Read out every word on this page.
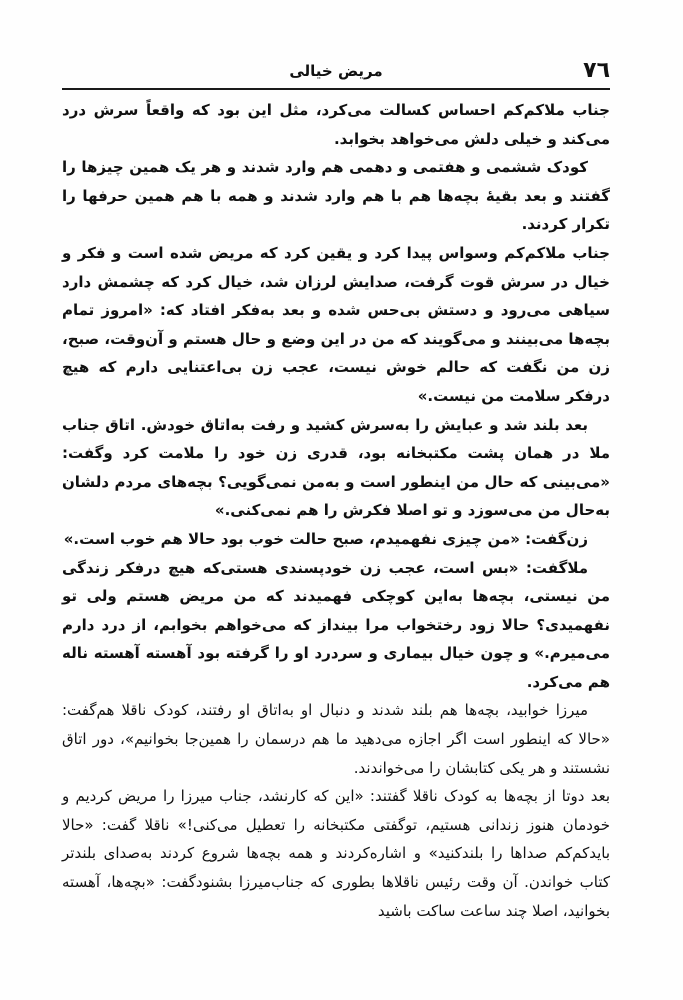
٧٦
مریض خیالی

جناب ملاکم‌کم احساس کسالت می‌کرد، مثل این بود که واقعاً سرش درد می‌کند و خیلی دلش می‌خواهد بخوابد.

کودک ششمی و هفتمی و دهمی هم وارد شدند و هر یک همین چیزها را گفتند و بعد بقیهٔ بچه‌ها هم با هم وارد شدند و همه با هم همین حرفها را تکرار کردند.

جناب ملاکم‌کم وسواس پیدا کرد و یقین کرد که مریض شده است و فکر و خیال در سرش قوت گرفت، صدایش لرزان شد، خیال کرد که چشمش دارد سیاهی می‌رود و دستش بی‌حس شده و بعد به‌فکر افتاد که: «امروز تمام بچه‌ها می‌بینند و می‌گویند که من در این وضع و حال هستم و آن‌وقت، صبح، زن من نگفت که حالم خوش نیست، عجب زن بی‌اعتنایی دارم که هیچ درفکر سلامت من نیست.»

بعد بلند شد و عبایش را به‌سرش کشید و رفت به‌اتاق خودش. اتاق جناب ملا در همان پشت مکتبخانه بود، قدری زن خود را ملامت کرد وگفت: «می‌بینی که حال من اینطور است و به‌من نمی‌گویی؟ بچه‌های مردم دلشان به‌حال من می‌سوزد و تو اصلا فکرش را هم نمی‌کنی.»

زن‌گفت: «من چیزی نفهمیدم، صبح حالت خوب بود حالا هم خوب است.»

ملاگفت: «بس است، عجب زن خودپسندی هستی‌که هیچ درفکر زندگی من نیستی، بچه‌ها به‌این کوچکی فهمیدند که من مریض هستم ولی تو نفهمیدی؟ حالا زود رختخواب مرا بینداز که می‌خواهم بخوابم، از درد دارم می‌میرم.» و چون خیال بیماری و سردرد او را گرفته بود آهسته آهسته ناله هم می‌کرد.

میرزا خوابید، بچه‌ها هم بلند شدند و دنبال او به‌اتاق او رفتند، کودک ناقلا هم‌گفت: «حالا که اینطور است اگر اجازه می‌دهید ما هم درسمان را همین‌جا بخوانیم»، دور اتاق نشستند و هر یکی کتابشان را می‌خواندند.

بعد دوتا از بچه‌ها به کودک ناقلا گفتند: «این که کارنشد، جناب میرزا را مریض کردیم و خودمان هنوز زندانی هستیم، توگفتی مکتبخانه را تعطیل می‌کنی!» ناقلا گفت: «حالا بایدکم‌کم صداها را بلندکنید» و اشاره‌کردند و همه بچه‌ها شروع کردند به‌صدای بلندتر کتاب خواندن. آن وقت رئیس ناقلاها بطوری که جناب‌میرزا بشنودگفت: «بچه‌ها، آهسته بخوانید، اصلا چند ساعت ساکت باشید
